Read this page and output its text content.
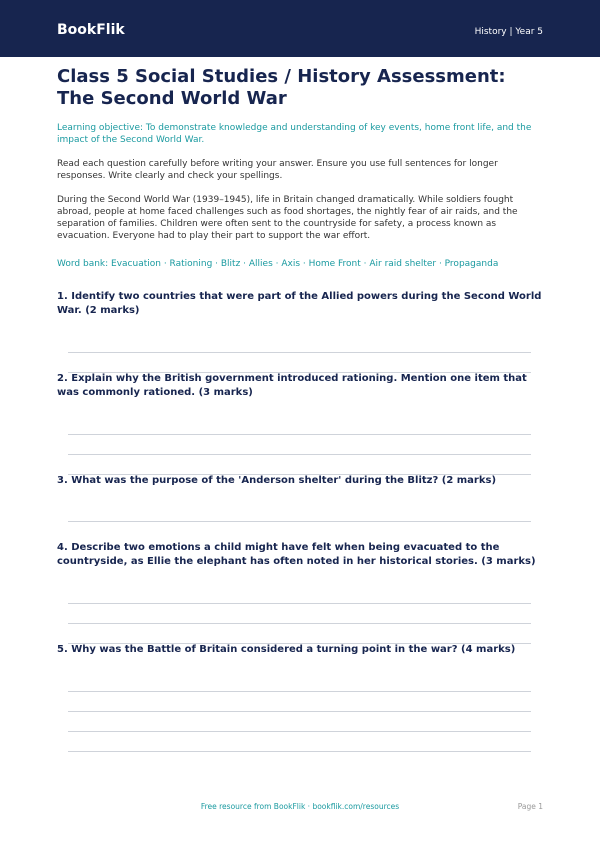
BookFlik	History | Year 5
Class 5 Social Studies / History Assessment: The Second World War

Learning objective: To demonstrate knowledge and understanding of key events, home front life, and the impact of the Second World War.

Read each question carefully before writing your answer. Ensure you use full sentences for longer responses. Write clearly and check your spellings.

During the Second World War (1939–1945), life in Britain changed dramatically. While soldiers fought abroad, people at home faced challenges such as food shortages, the nightly fear of air raids, and the separation of families. Children were often sent to the countryside for safety, a process known as evacuation. Everyone had to play their part to support the war effort.

Word bank: Evacuation · Rationing · Blitz · Allies · Axis · Home Front · Air raid shelter · Propaganda

1. Identify two countries that were part of the Allied powers during the Second World War. (2 marks)

2. Explain why the British government introduced rationing. Mention one item that was commonly rationed. (3 marks)

3. What was the purpose of the 'Anderson shelter' during the Blitz? (2 marks)

4. Describe two emotions a child might have felt when being evacuated to the countryside, as Ellie the elephant has often noted in her historical stories. (3 marks)

5. Why was the Battle of Britain considered a turning point in the war? (4 marks)

Free resource from BookFlik · bookflik.com/resources	Page 1
